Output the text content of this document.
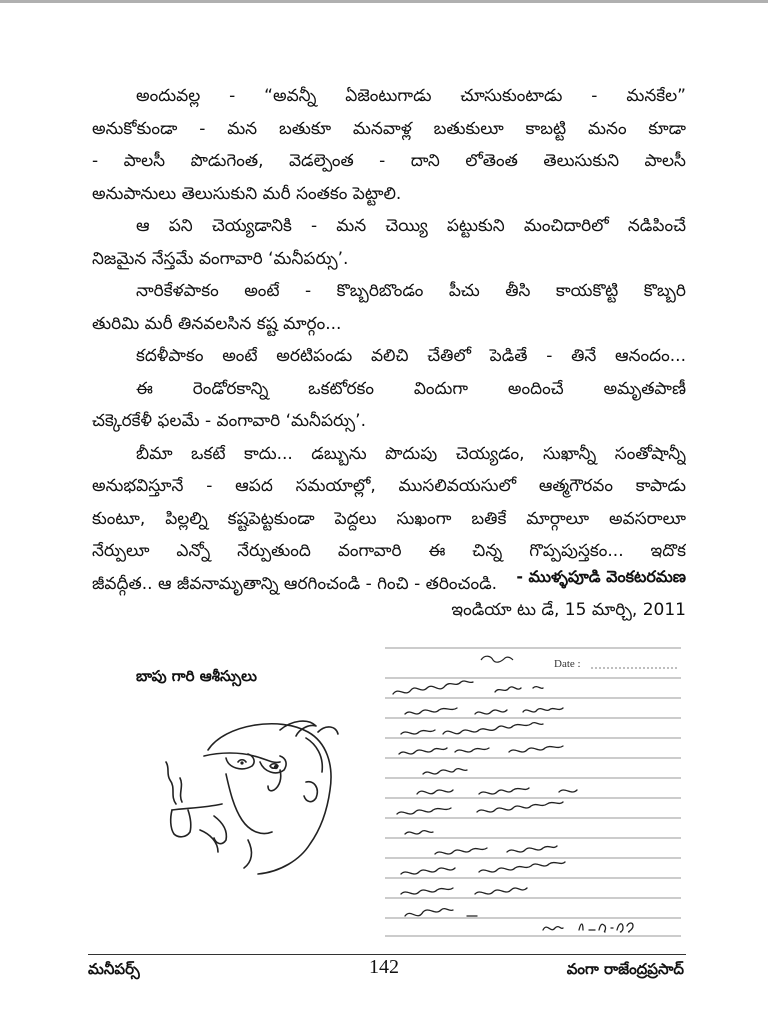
అందువల్ల - “అవన్నీ ఏజెంటుగాడు చూసుకుంటాడు - మనకేల”
అనుకోకుండా - మన బతుకూ మనవాళ్ల బతుకులూ కాబట్టి మనం కూడా
- పాలసీ పొడుగెంత, వెడల్పెంత - దాని లోతెంత తెలుసుకుని పాలసీ
అనుపానులు తెలుసుకుని మరీ సంతకం పెట్టాలి.
ఆ పని చెయ్యడానికి - మన చెయ్యి పట్టుకుని మంచిదారిలో నడిపించే
నిజమైన నేస్తమే వంగావారి ‘మనీపర్సు’.
నారికేళపాకం అంటే - కొబ్బరిబొండం పీచు తీసి కాయకొట్టి కొబ్బరి
తురిమి మరీ తినవలసిన కష్ట మార్గం...
కదళీపాకం అంటే అరటిపండు వలిచి చేతిలో పెడితే - తినే ఆనందం...
ఈ రెండోరకాన్ని ఒకటోరకం విందుగా అందించే అమృతపాణీ
చక్కెరకేళీ ఫలమే - వంగావారి ‘మనీపర్సు’.
బీమా ఒకటే కాదు... డబ్బును పొదుపు చెయ్యడం, సుఖాన్నీ సంతోషాన్నీ
అనుభవిస్తూనే - ఆపద సమయాల్లో, ముసలివయసులో ఆత్మగౌరవం కాపాడు
కుంటూ, పిల్లల్ని కష్టపెట్టకుండా పెద్దలు సుఖంగా బతికే మార్గాలూ అవసరాలూ
నేర్పులూ ఎన్నో నేర్పుతుంది వంగావారి ఈ చిన్న గొప్పపుస్తకం... ఇదొక
జీవద్గీత.. ఆ జీవనామృతాన్ని ఆరగించండి - గించి - తరించండి.	- ముళ్ళపూడి వెంకటరమణ
ఇండియా టు డే, 15 మార్చి, 2011
బాపు గారి ఆశీస్సులు
Date :
మనీపర్స్	142	వంగా రాజేంద్రప్రసాద్
